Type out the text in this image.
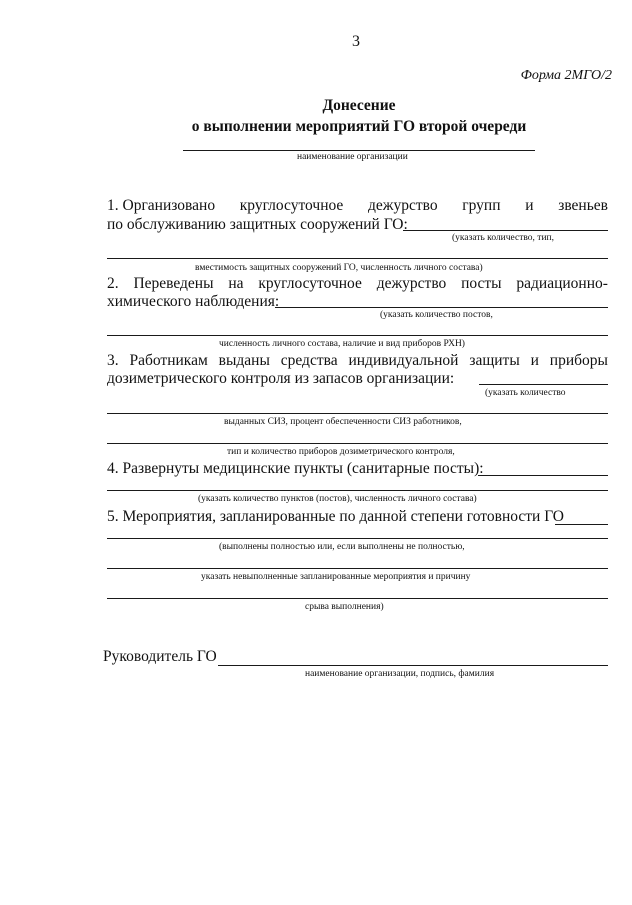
3
Форма 2МГО/2
Донесение
о выполнении мероприятий ГО второй очереди
наименование организации
1. Организовано круглосуточное дежурство групп и звеньев
по обслуживанию защитных сооружений ГО:
(указать количество, тип,
вместимость защитных сооружений ГО, численность личного состава)
2. Переведены на круглосуточное дежурство посты радиационно-
химического наблюдения:
(указать количество постов,
численность личного состава, наличие и вид приборов РХН)
3. Работникам выданы средства индивидуальной защиты и приборы
дозиметрического контроля из запасов организации:
(указать количество
выданных СИЗ, процент обеспеченности СИЗ работников,
тип и количество приборов дозиметрического контроля,
4. Развернуты медицинские пункты (санитарные посты):
(указать количество пунктов (постов), численность личного состава)
5. Мероприятия, запланированные по данной степени готовности ГО
(выполнены полностью или, если выполнены не полностью,
указать невыполненные запланированные мероприятия и причину
срыва выполнения)
Руководитель ГО
наименование организации, подпись, фамилия
